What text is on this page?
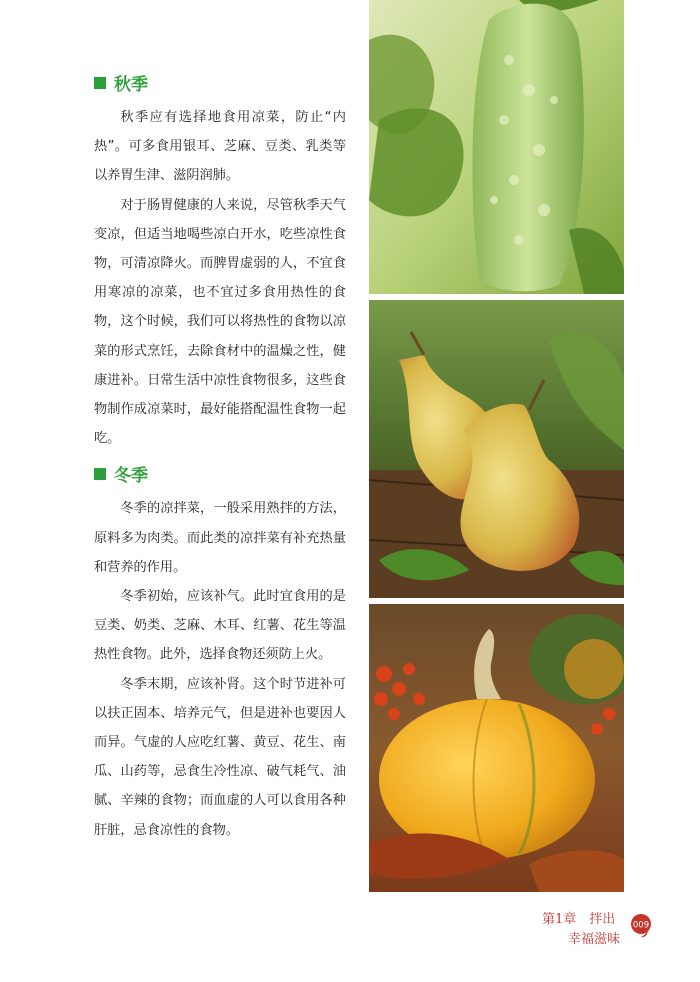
秋季

秋季应有选择地食用凉菜，防止“内热”。可多食用银耳、芝麻、豆类、乳类等以养胃生津、滋阴润肺。

对于肠胃健康的人来说，尽管秋季天气变凉，但适当地喝些凉白开水，吃些凉性食物，可清凉降火。而脾胃虚弱的人，不宜食用寒凉的凉菜，也不宜过多食用热性的食物，这个时候，我们可以将热性的食物以凉菜的形式烹饪，去除食材中的温燥之性，健康进补。日常生活中凉性食物很多，这些食物制作成凉菜时，最好能搭配温性食物一起吃。

冬季

冬季的凉拌菜，一般采用熟拌的方法，原料多为肉类。而此类的凉拌菜有补充热量和营养的作用。

冬季初始，应该补气。此时宜食用的是豆类、奶类、芝麻、木耳、红薯、花生等温热性食物。此外，选择食物还须防上火。

冬季末期，应该补肾。这个时节进补可以扶正固本、培养元气，但是进补也要因人而异。气虚的人应吃红薯、黄豆、花生、南瓜、山药等，忌食生冷性凉、破气耗气、油腻、辛辣的食物；而血虚的人可以食用各种肝脏，忌食凉性的食物。

第1章　拌出
幸福滋味
009
